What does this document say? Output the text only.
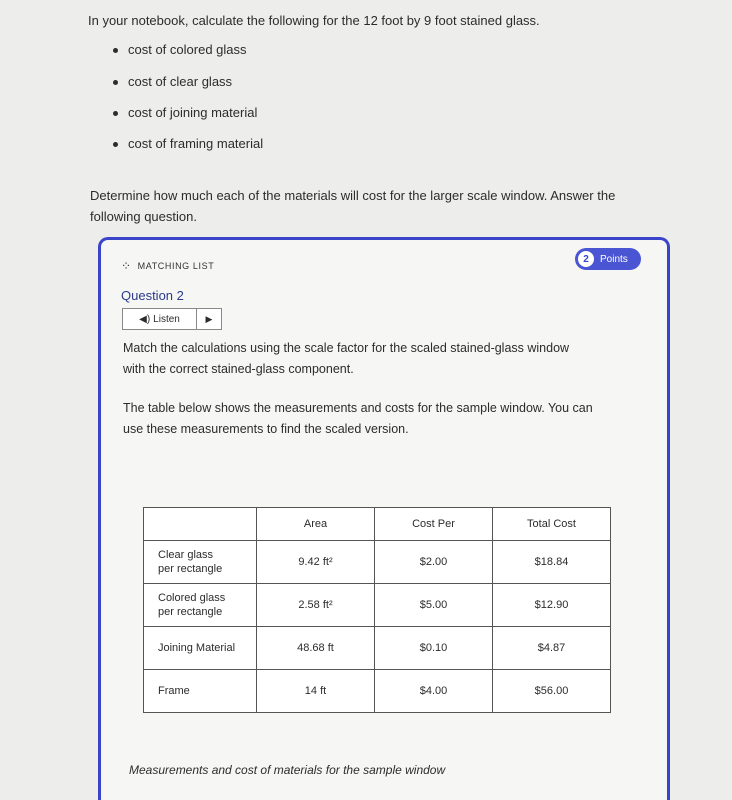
In your notebook, calculate the following for the 12 foot by 9 foot stained glass.

cost of colored glass
cost of clear glass
cost of joining material
cost of framing material

Determine how much each of the materials will cost for the larger scale window. Answer the following question.

2	Points
⁘ MATCHING LIST
Question 2
◀) Listen	▶

Match the calculations using the scale factor for the scaled stained-glass window with the correct stained-glass component.

The table below shows the measurements and costs for the sample window. You can use these measurements to find the scaled version.

	Area	Cost Per	Total Cost
Clear glass
per rectangle	9.42 ft²	$2.00	$18.84
Colored glass
per rectangle	2.58 ft²	$5.00	$12.90
Joining Material	48.68 ft	$0.10	$4.87
Frame	14 ft	$4.00	$56.00
Measurements and cost of materials for the sample window
